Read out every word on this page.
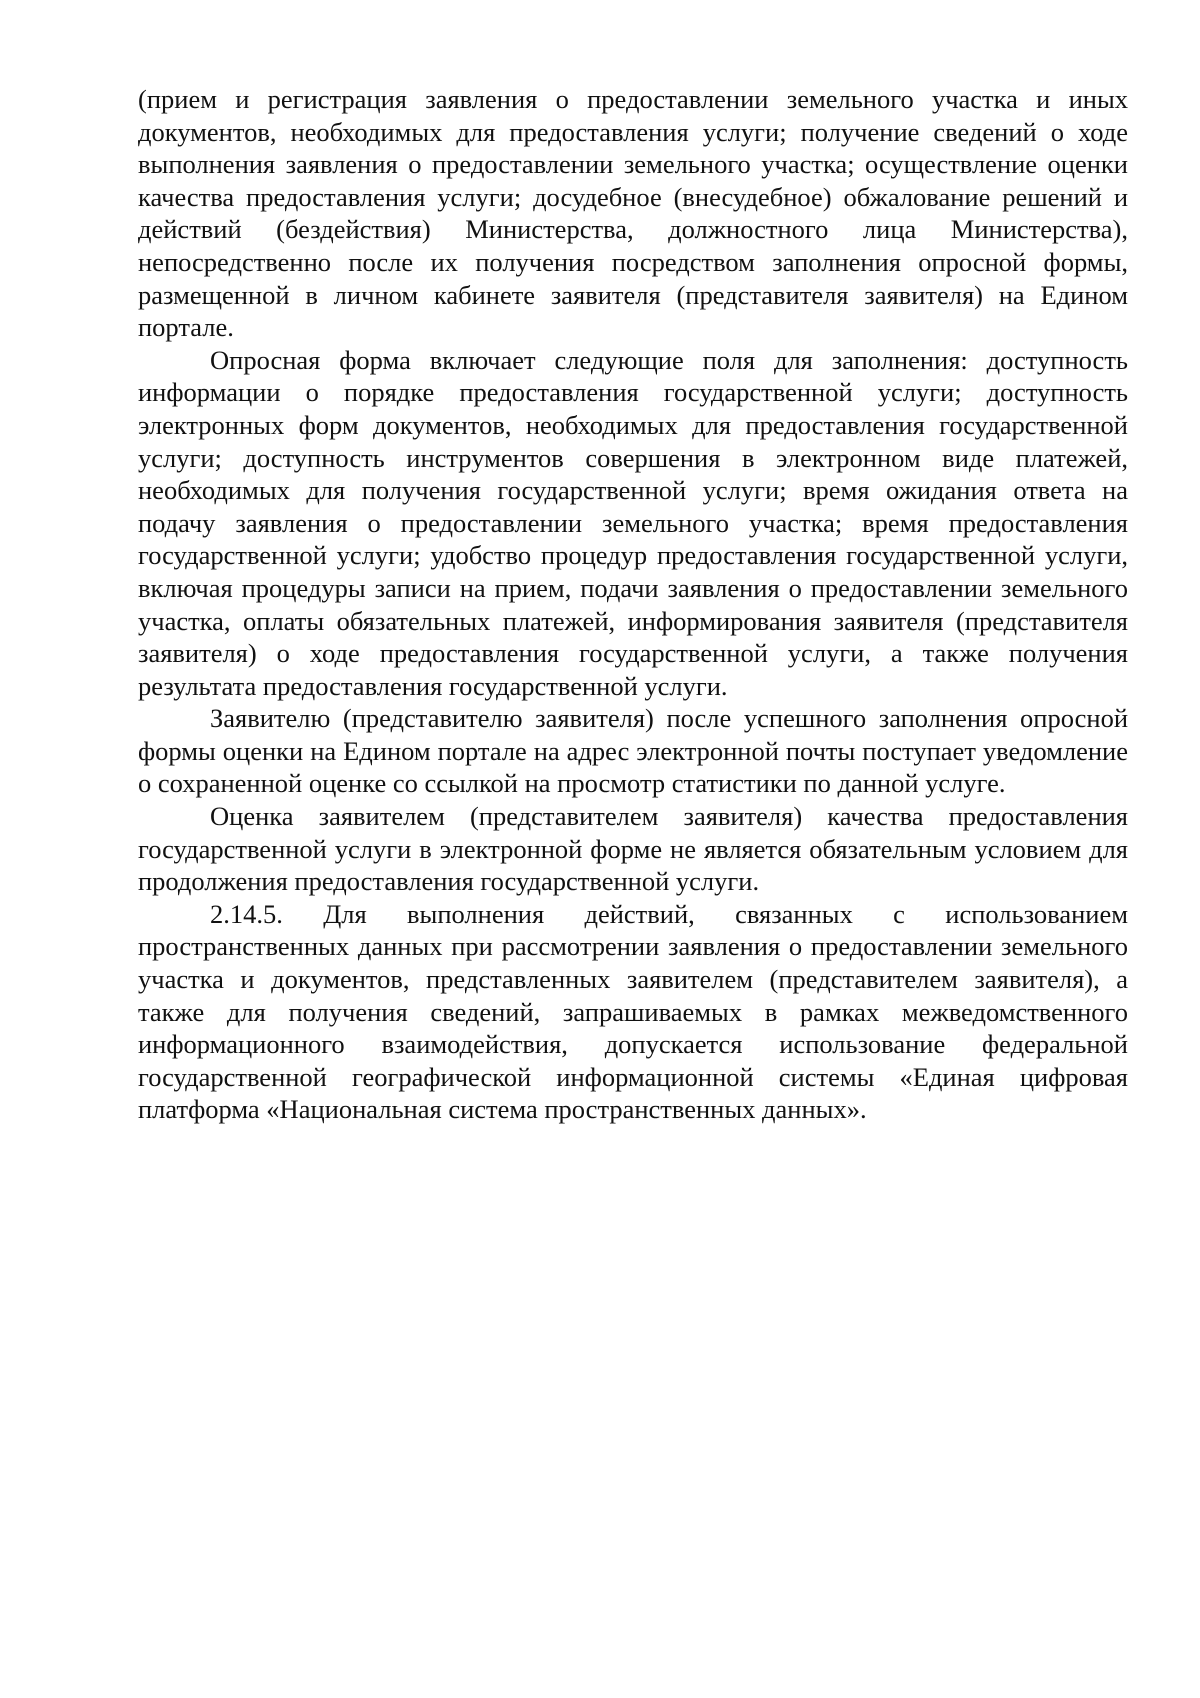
(прием и регистрация заявления о предоставлении земельного участка и иных документов, необходимых для предоставления услуги; получение сведений о ходе выполнения заявления о предоставлении земельного участка; осуществление оценки качества предоставления услуги; досудебное (внесудебное) обжалование решений и действий (бездействия) Министерства, должностного лица Министерства), непосредственно после их получения посредством заполнения опросной формы, размещенной в личном кабинете заявителя (представителя заявителя) на Едином портале.

Опросная форма включает следующие поля для заполнения: доступность информации о порядке предоставления государственной услуги; доступность электронных форм документов, необходимых для предоставления государственной услуги; доступность инструментов совершения в электронном виде платежей, необходимых для получения государственной услуги; время ожидания ответа на подачу заявления о предоставлении земельного участка; время предоставления государственной услуги; удобство процедур предоставления государственной услуги, включая процедуры записи на прием, подачи заявления о предоставлении земельного участка, оплаты обязательных платежей, информирования заявителя (представителя заявителя) о ходе предоставления государственной услуги, а также получения результата предоставления государственной услуги.

Заявителю (представителю заявителя) после успешного заполнения опросной формы оценки на Едином портале на адрес электронной почты поступает уведомление о сохраненной оценке со ссылкой на просмотр статистики по данной услуге.

Оценка заявителем (представителем заявителя) качества предоставления государственной услуги в электронной форме не является обязательным условием для продолжения предоставления государственной услуги.

2.14.5. Для выполнения действий, связанных с использованием пространственных данных при рассмотрении заявления о предоставлении земельного участка и документов, представленных заявителем (представителем заявителя), а также для получения сведений, запрашиваемых в рамках межведомственного информационного взаимодействия, допускается использование федеральной государственной географической информационной системы «Единая цифровая платформа «Национальная система пространственных данных».
